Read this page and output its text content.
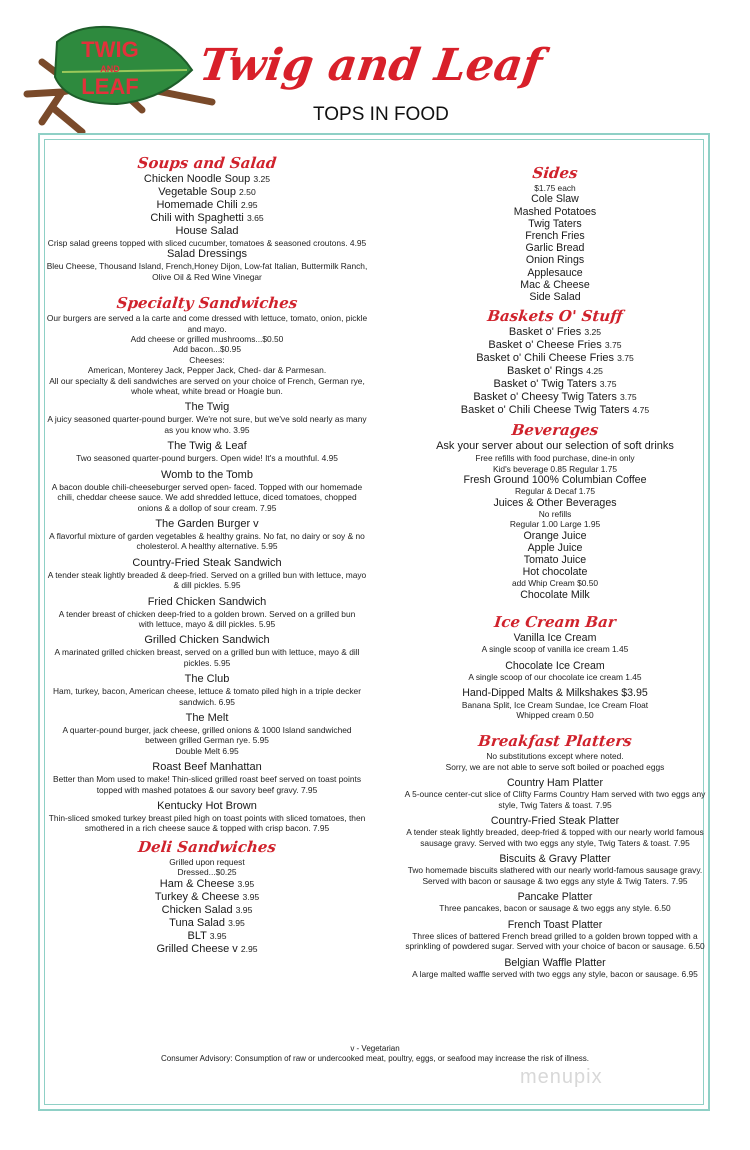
TWIG
AND
LEAF Twig and Leaf
TOPS IN FOOD
Soups and Salad
Chicken Noodle Soup 3.25
Vegetable Soup 2.50
Homemade Chili 2.95
Chili with Spaghetti 3.65
House Salad
Crisp salad greens topped with sliced cucumber, tomatoes & seasoned croutons. 4.95
Salad Dressings
Bleu Cheese, Thousand Island, French,Honey Dijon, Low-fat Italian, Buttermilk Ranch, Olive Oil & Red Wine Vinegar
Specialty Sandwiches
Our burgers are served a la carte and come dressed with lettuce, tomato, onion, pickle and mayo.
Add cheese or grilled mushrooms...$0.50
Add bacon...$0.95
Cheeses:
American, Monterey Jack, Pepper Jack, Ched- dar & Parmesan.
All our specialty & deli sandwiches are served on your choice of French, German rye, whole wheat, white bread or Hoagie bun.
The Twig
A juicy seasoned quarter-pound burger. We're not sure, but we've sold nearly as many as you know who. 3.95
The Twig & Leaf
Two seasoned quarter-pound burgers. Open wide! It's a mouthful. 4.95
Womb to the Tomb
A bacon double chili-cheeseburger served open- faced. Topped with our homemade chili, cheddar cheese sauce. We add shredded lettuce, diced tomatoes, chopped onions & a dollop of sour cream. 7.95
The Garden Burger v
A flavorful mixture of garden vegetables & healthy grains. No fat, no dairy or soy & no cholesterol. A healthy alternative. 5.95
Country-Fried Steak Sandwich
A tender steak lightly breaded & deep-fried. Served on a grilled bun with lettuce, mayo & dill pickles. 5.95
Fried Chicken Sandwich
A tender breast of chicken deep-fried to a golden brown. Served on a grilled bun
with lettuce, mayo & dill pickles. 5.95
Grilled Chicken Sandwich
A marinated grilled chicken breast, served on a grilled bun with lettuce, mayo & dill pickles. 5.95
The Club
Ham, turkey, bacon, American cheese, lettuce & tomato piled high in a triple decker sandwich. 6.95
The Melt
A quarter-pound burger, jack cheese, grilled onions & 1000 Island sandwiched between grilled German rye. 5.95
Double Melt 6.95
Roast Beef Manhattan
Better than Mom used to make! Thin-sliced grilled roast beef served on toast points topped with mashed potatoes & our savory beef gravy. 7.95
Kentucky Hot Brown
Thin-sliced smoked turkey breast piled high on toast points with sliced tomatoes, then smothered in a rich cheese sauce & topped with crisp bacon. 7.95
Deli Sandwiches
Grilled upon request
Dressed...$0.25
Ham & Cheese 3.95
Turkey & Cheese 3.95
Chicken Salad 3.95
Tuna Salad 3.95
BLT 3.95
Grilled Cheese v 2.95
Sides
$1.75 each
Cole Slaw
Mashed Potatoes
Twig Taters
French Fries
Garlic Bread
Onion Rings
Applesauce
Mac & Cheese
Side Salad
Baskets O' Stuff
Basket o' Fries 3.25
Basket o' Cheese Fries 3.75
Basket o' Chili Cheese Fries 3.75
Basket o' Rings 4.25
Basket o' Twig Taters 3.75
Basket o' Cheesy Twig Taters 3.75
Basket o' Chili Cheese Twig Taters 4.75
Beverages
Ask your server about our selection of soft drinks
Free refills with food purchase, dine-in only
Kid's beverage 0.85 Regular 1.75
Fresh Ground 100% Columbian Coffee
Regular & Decaf 1.75
Juices & Other Beverages
No refills
Regular 1.00 Large 1.95
Orange Juice
Apple Juice
Tomato Juice
Hot chocolate
add Whip Cream $0.50
Chocolate Milk
Ice Cream Bar
Vanilla Ice Cream
A single scoop of vanilla ice cream 1.45
Chocolate Ice Cream
A single scoop of our chocolate ice cream 1.45
Hand-Dipped Malts & Milkshakes $3.95
Banana Split, Ice Cream Sundae, Ice Cream Float
Whipped cream 0.50
Breakfast Platters
No substitutions except where noted.
Sorry, we are not able to serve soft boiled or poached eggs
Country Ham Platter
A 5-ounce center-cut slice of Clifty Farms Country Ham served with two eggs any style, Twig Taters & toast. 7.95
Country-Fried Steak Platter
A tender steak lightly breaded, deep-fried & topped with our nearly world famous sausage gravy. Served with two eggs any style, Twig Taters & toast. 7.95
Biscuits & Gravy Platter
Two homemade biscuits slathered with our nearly world-famous sausage gravy. Served with bacon or sausage & two eggs any style & Twig Taters. 7.95
Pancake Platter
Three pancakes, bacon or sausage & two eggs any style. 6.50
French Toast Platter
Three slices of battered French bread grilled to a golden brown topped with a sprinkling of powdered sugar. Served with your choice of bacon or sausage. 6.50
Belgian Waffle Platter
A large malted waffle served with two eggs any style, bacon or sausage. 6.95
v - Vegetarian
Consumer Advisory: Consumption of raw or undercooked meat, poultry, eggs, or seafood may increase the risk of illness.
menupix
